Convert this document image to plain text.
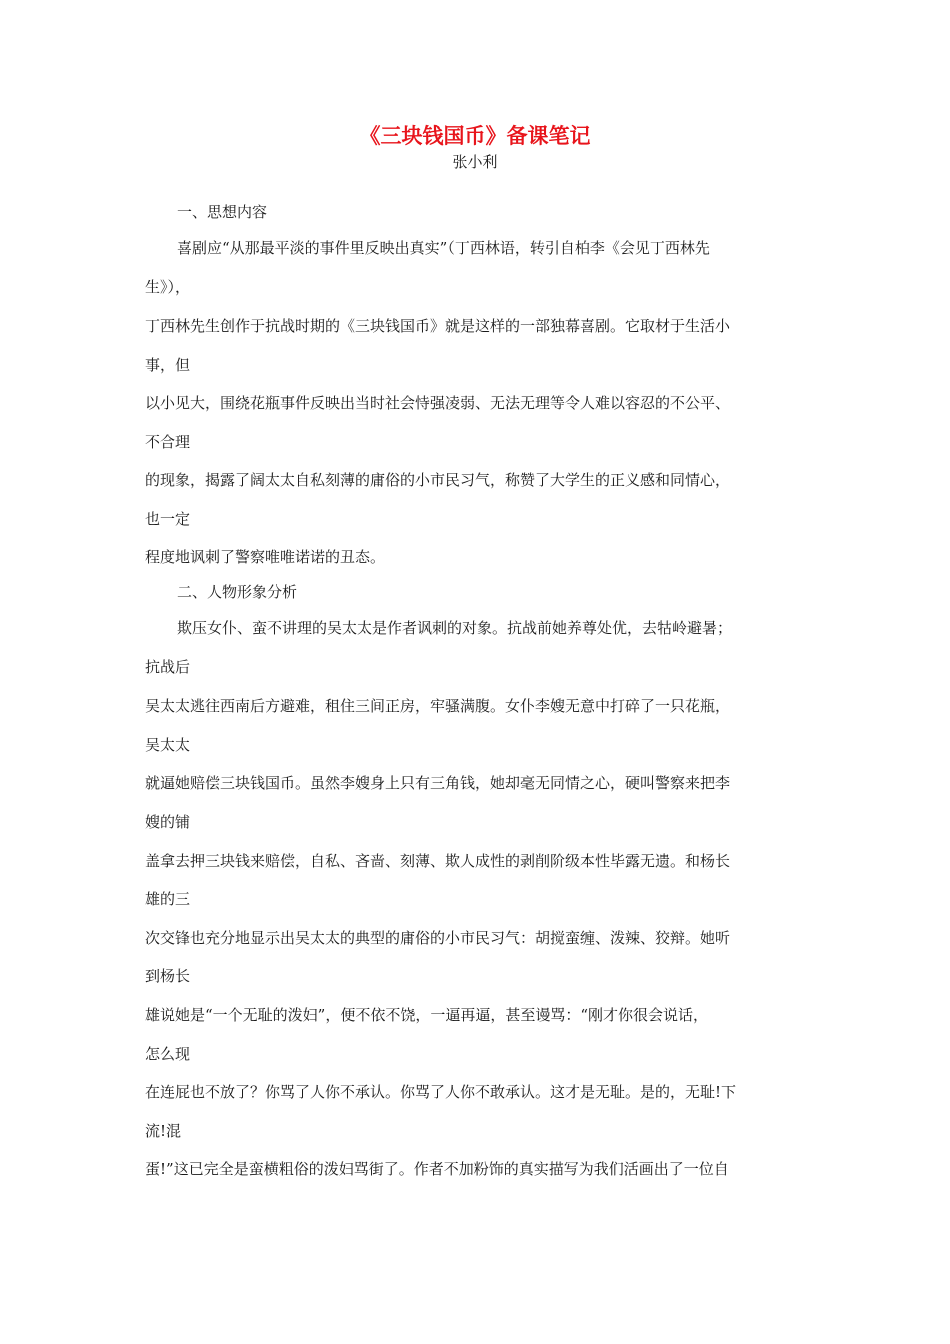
《三块钱国币》备课笔记
张小利
一、思想内容
喜剧应“从那最平淡的事件里反映出真实”（丁西林语，转引自柏李《会见丁西林先
生》），
丁西林先生创作于抗战时期的《三块钱国币》就是这样的一部独幕喜剧。它取材于生活小
事，但
以小见大，围绕花瓶事件反映出当时社会恃强凌弱、无法无理等令人难以容忍的不公平、
不合理
的现象，揭露了阔太太自私刻薄的庸俗的小市民习气，称赞了大学生的正义感和同情心，
也一定
程度地讽刺了警察唯唯诺诺的丑态。
二、人物形象分析
欺压女仆、蛮不讲理的吴太太是作者讽刺的对象。抗战前她养尊处优，去牯岭避暑；
抗战后
吴太太逃往西南后方避难，租住三间正房，牢骚满腹。女仆李嫂无意中打碎了一只花瓶，
吴太太
就逼她赔偿三块钱国币。虽然李嫂身上只有三角钱，她却毫无同情之心，硬叫警察来把李
嫂的铺
盖拿去押三块钱来赔偿，自私、吝啬、刻薄、欺人成性的剥削阶级本性毕露无遗。和杨长
雄的三
次交锋也充分地显示出吴太太的典型的庸俗的小市民习气：胡搅蛮缠、泼辣、狡辩。她听
到杨长
雄说她是“一个无耻的泼妇”，便不依不饶，一逼再逼，甚至谩骂：“刚才你很会说话，
怎么现
在连屁也不放了？你骂了人你不承认。你骂了人你不敢承认。这才是无耻。是的，无耻!下
流!混
蛋!”这已完全是蛮横粗俗的泼妇骂街了。作者不加粉饰的真实描写为我们活画出了一位自
